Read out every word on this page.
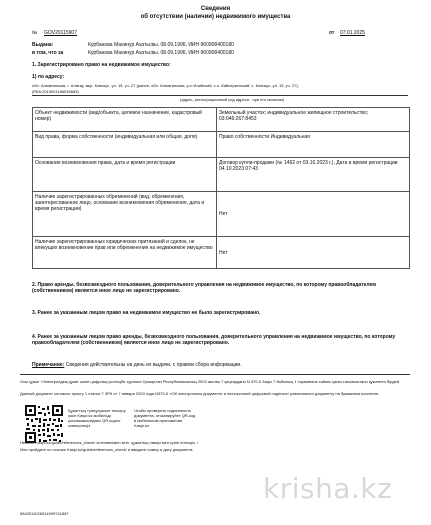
Сведения
об отсутствии (наличии) недвижимого имущества
№ GOV29115907	от 07.01.2025
Выдана:	Курбанова Махинур Ахатьсвы, 08.09.1996, ИИН 960908400180
в том, что за	Курбанова Махинур Ахатьсвы, 08.09.1996, ИИН 960908400180
1. Зарегистрировано право на недвижимое имущество:
1) по адресу:
обл. Алматинская, г. Алатау, мкр. Коянкус, ул. 15, уч. 27 (ранее: обл. Алматинская, р-н Илийский, с.о. Байсеркенский, с. Коянкус, ул. 15, уч. 27),
(РКА:2019001186039663)
(адрес, регистрационный код адреса - при его наличии)
Объект недвижимости (вид/объекта, целевое назначение, кадастровый номер)	Земельный участок; индивидуальное жилищное строительство; 03:046:267:8453
Вид права, форма собственности (индивидуальная или общая, доля)	Право собственности Индивидуальная
Основание возникновения права, дата и время регистрации	Договор купли-продажи (№ 1462 от 03.10.2023 г.), Дата и время регистрации 04.10.2023 07:43
Наличие зарегистрированных обременений (вид, обременения, заинтересованное лицо, основание возникновения обременения, дата и время регистрации)	Нет
Наличие зарегистрированных юридических притязаний и сделок, не влекущих возникновение прав или обременения на недвижимое имущество	Нет
2. Право аренды, безвозмездного пользования, доверительного управления на недвижимое имущество, по которому правообладателем (собственником) является иное лицо не зарегистрировано.
3. Ранее за указанным лицом право на недвижимое имущество не было зарегистрировано.
4. Ранее за указанным лицом право аренды, безвозмездного пользования, доверительного управления на недвижимое имущество, по которому правообладателем (собственником) является иное лицо не зарегистрировано.
Примечание: Сведения действительны на день их выдачи, с правом сбора информации.
Осы құжат «Электрондық құжат және цифрлық қолтаңба туралы» Қазақстан Республикасының 2003 жылғы 7 қаңтардағы N 370-II Заңы 7 бабының 1 тармағына сәйкес қағаз тасығыштағы құжатпен бірдей.
Данный документ согласно пункту 1 статьи 7 ЗРК от 7 января 2003 года N370-II «Об электронном документе и электронной цифровой подписи» равнозначен документу на бумажном носителе.
Құжаттың түпнұсқасын тексеру үшін Kaspi.kz мобильді қосымшасындағы QR-кодты сканерлеңіз
Чтобы проверить подлинность документа, отсканируйте QR-код в мобильном приложении Kaspi.kz
Немесе Kaspi.kz/guide/references_check/ сілтемесімен өтіп, құжаттың нөмірі мен күнін енгізіңіз. /
Или пройдите по ссылке Kaspi.kz/guide/references_check/ и введите номер и дату документа.
krisha.kz
6642511026914099741887
